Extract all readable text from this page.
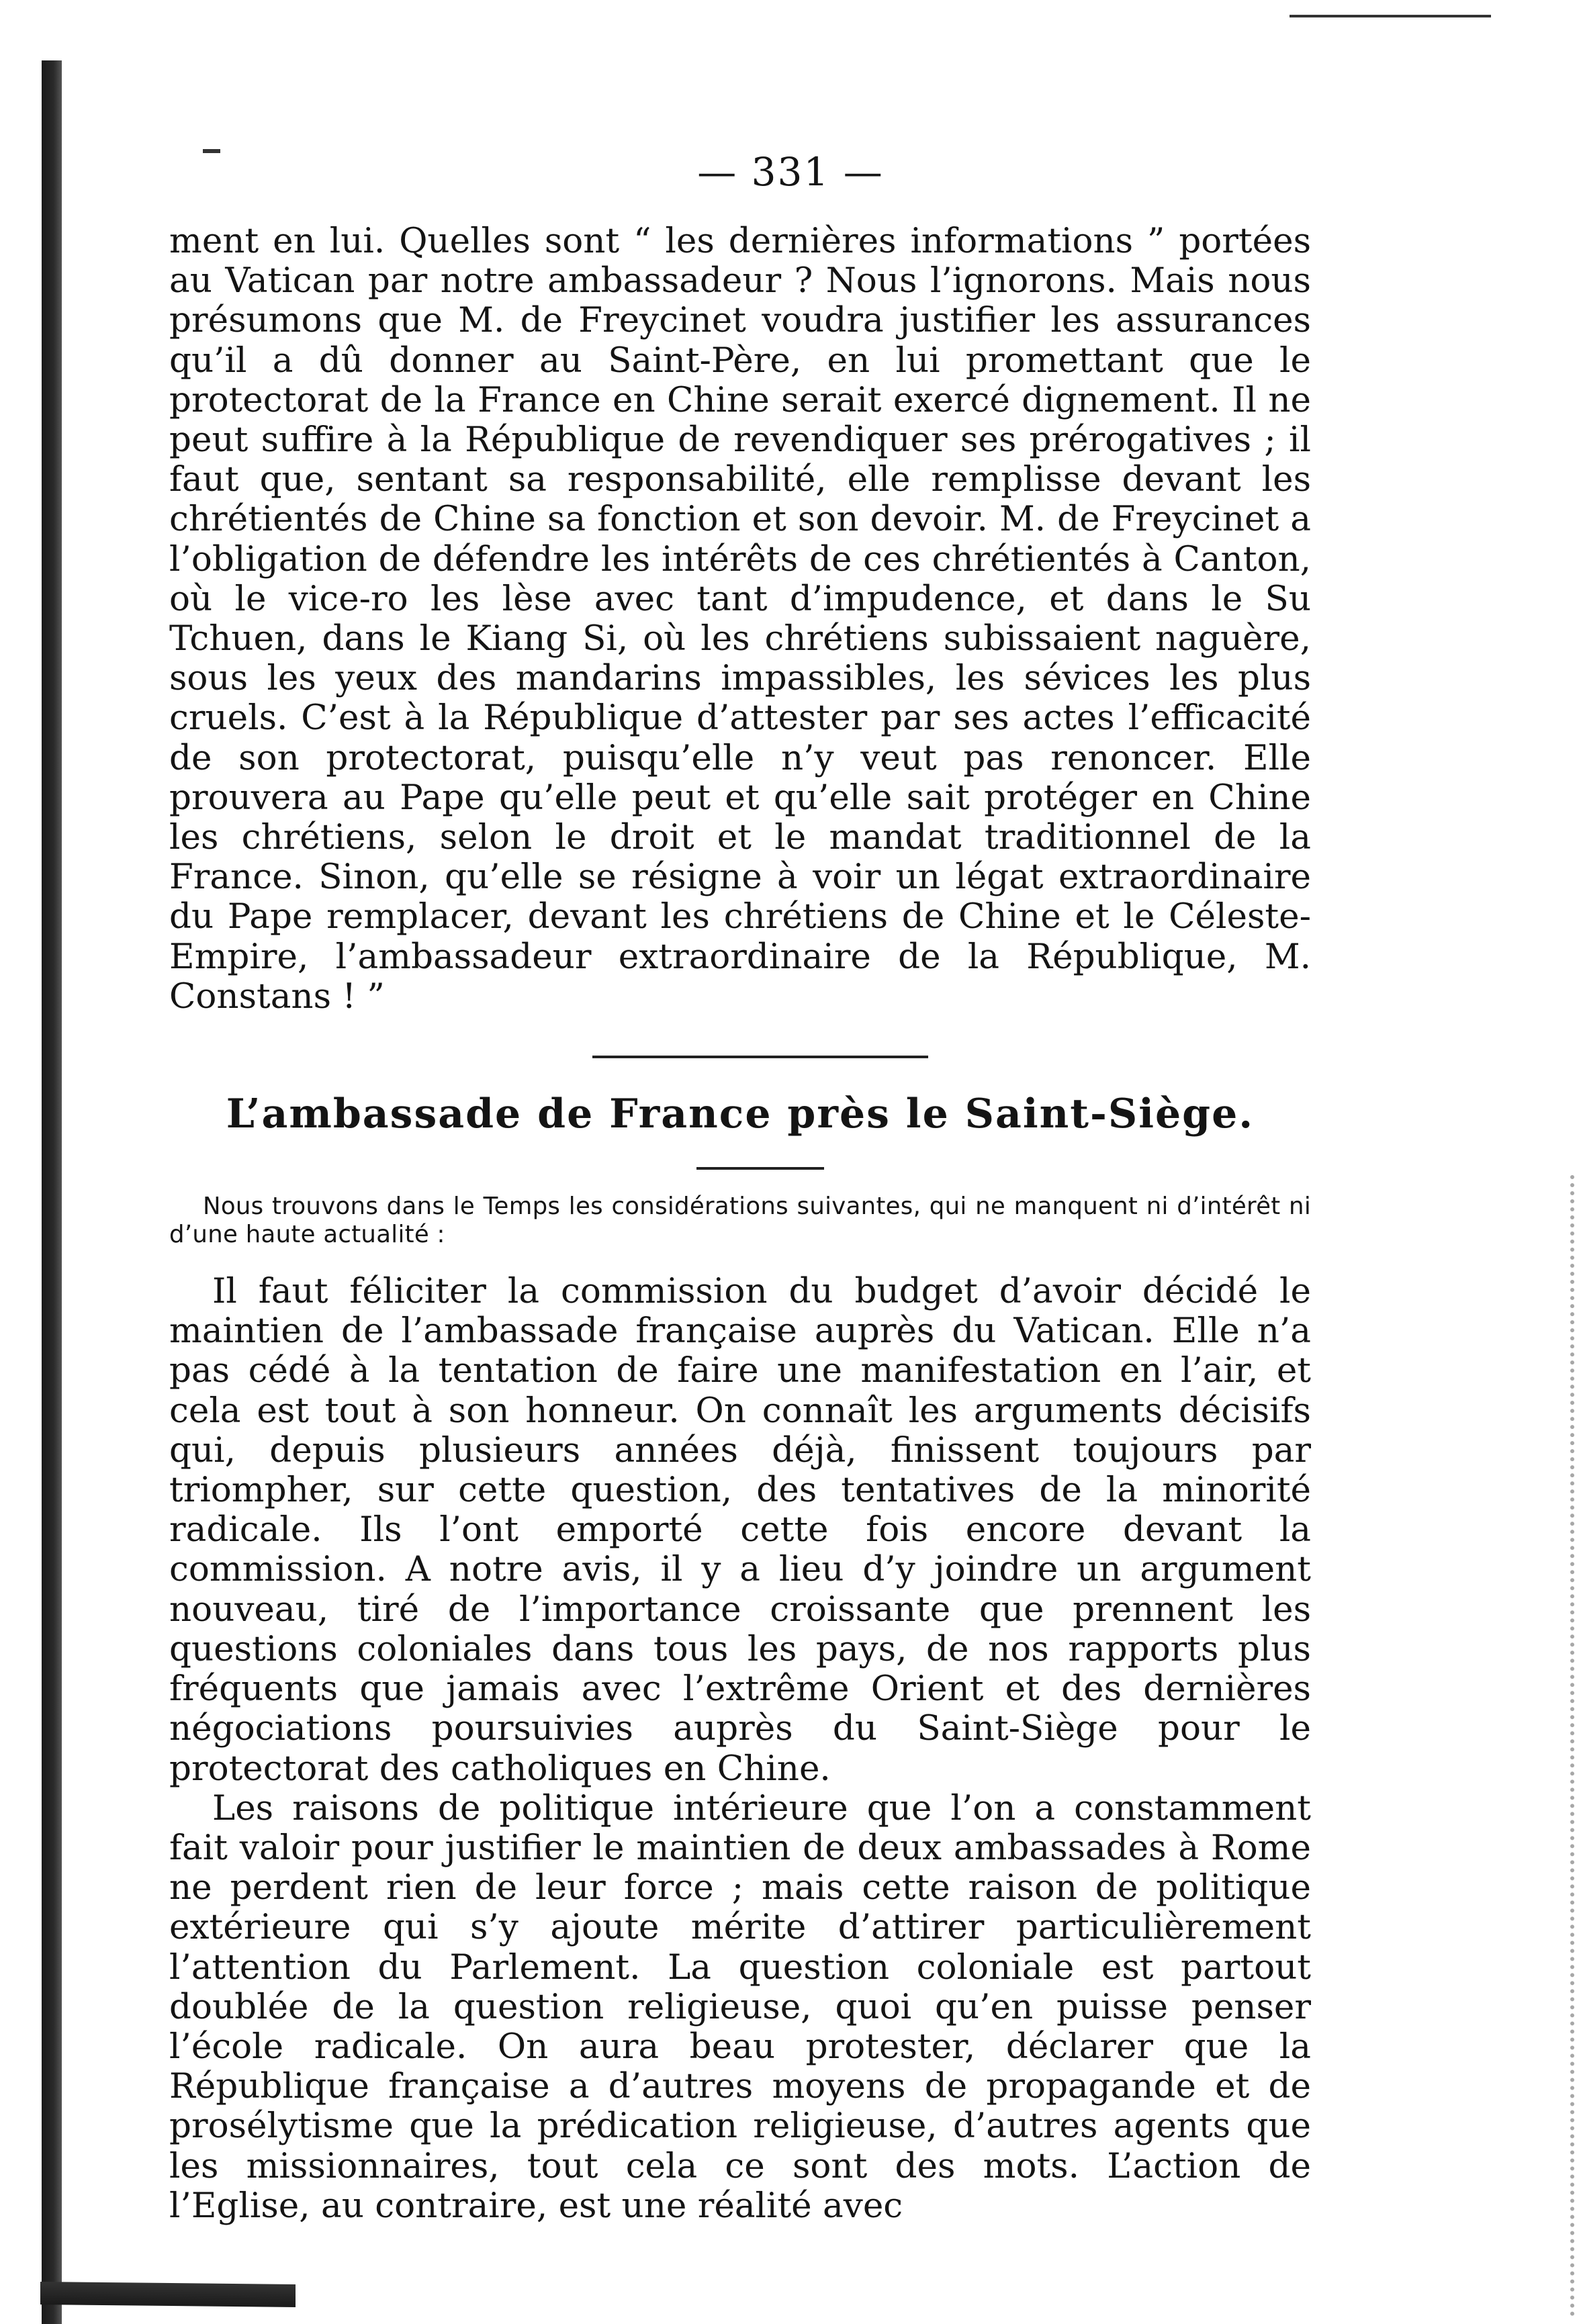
— 331 —

ment en lui. Quelles sont “ les dernières informations ” portées au Vatican par notre ambassadeur ? Nous l’ignorons. Mais nous présumons que M. de Freycinet voudra justifier les assurances qu’il a dû donner au Saint-Père, en lui promettant que le protectorat de la France en Chine serait exercé dignement. Il ne peut suffire à la République de revendiquer ses prérogatives ; il faut que, sentant sa responsabilité, elle remplisse devant les chrétientés de Chine sa fonction et son devoir. M. de Freycinet a l’obligation de défendre les intérêts de ces chrétientés à Canton, où le vice-ro les lèse avec tant d’impudence, et dans le Su Tchuen, dans le Kiang Si, où les chrétiens subissaient naguère, sous les yeux des mandarins impassibles, les sévices les plus cruels. C’est à la République d’attester par ses actes l’efficacité de son protectorat, puisqu’elle n’y veut pas renoncer. Elle prouvera au Pape qu’elle peut et qu’elle sait protéger en Chine les chrétiens, selon le droit et le mandat traditionnel de la France. Sinon, qu’elle se résigne à voir un légat extraordinaire du Pape remplacer, devant les chrétiens de Chine et le Céleste-Empire, l’ambassadeur extraordinaire de la République, M. Constans ! ”

L’ambassade de France près le Saint-Siège.

Nous trouvons dans le Temps les considérations suivantes, qui ne manquent ni d’intérêt ni d’une haute actualité :

Il faut féliciter la commission du budget d’avoir décidé le maintien de l’ambassade française auprès du Vatican. Elle n’a pas cédé à la tentation de faire une manifestation en l’air, et cela est tout à son honneur. On connaît les arguments décisifs qui, depuis plusieurs années déjà, finissent toujours par triompher, sur cette question, des tentatives de la minorité radicale. Ils l’ont emporté cette fois encore devant la commission. A notre avis, il y a lieu d’y joindre un argument nouveau, tiré de l’importance croissante que prennent les questions coloniales dans tous les pays, de nos rapports plus fréquents que jamais avec l’extrême Orient et des dernières négociations poursuivies auprès du Saint-Siège pour le protectorat des catholiques en Chine.

Les raisons de politique intérieure que l’on a constamment fait valoir pour justifier le maintien de deux ambassades à Rome ne perdent rien de leur force ; mais cette raison de politique extérieure qui s’y ajoute mérite d’attirer particulièrement l’attention du Parlement. La question coloniale est partout doublée de la question religieuse, quoi qu’en puisse penser l’école radicale. On aura beau protester, déclarer que la République française a d’autres moyens de propagande et de prosélytisme que la prédication religieuse, d’autres agents que les missionnaires, tout cela ce sont des mots. L’action de l’Eglise, au contraire, est une réalité avec
